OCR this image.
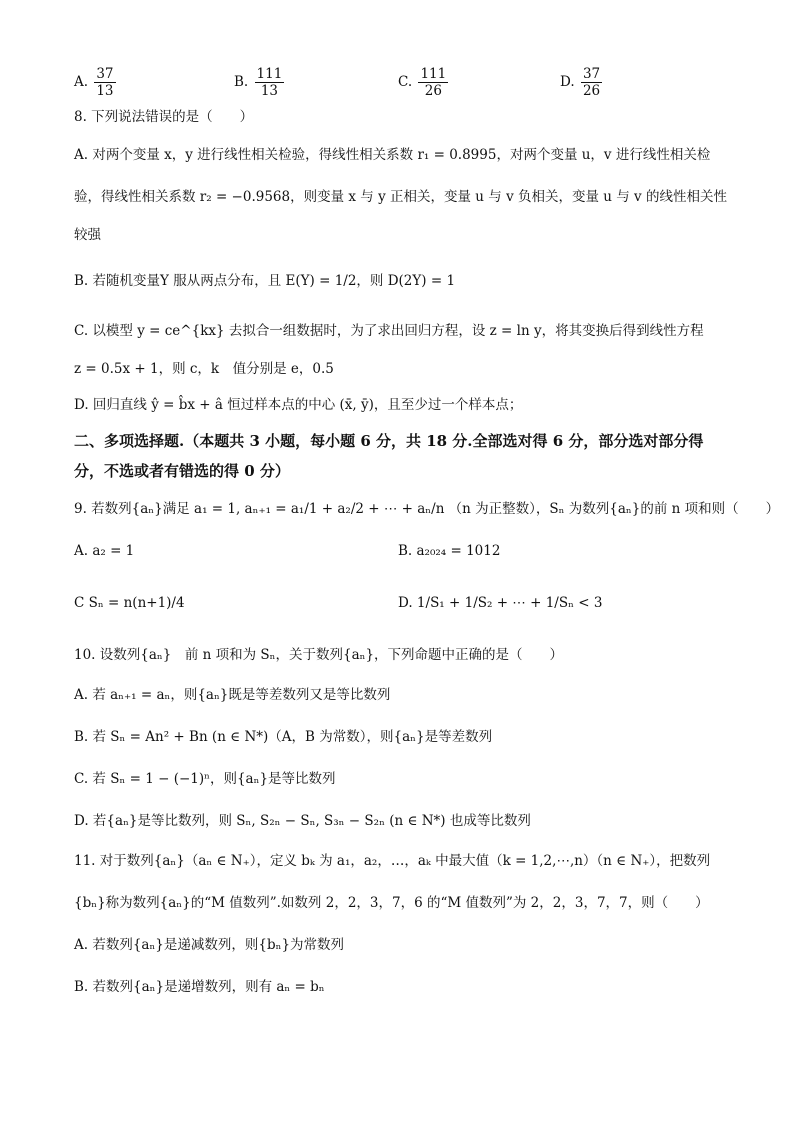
A. $\frac{37}{13}$	B. $\frac{111}{13}$	C. $\frac{111}{26}$	D. $\frac{37}{26}$
8. 下列说法错误的是（　　）
A. 对两个变量 x，y 进行线性相关检验，得线性相关系数 r₁ = 0.8995，对两个变量 u，v 进行线性相关检
验，得线性相关系数 r₂ = −0.9568，则变量 x 与 y 正相关，变量 u 与 v 负相关，变量 u 与 v 的线性相关性
较强
B. 若随机变量Y 服从两点分布，且 E(Y) = 1/2，则 D(2Y) = 1
C. 以模型 y = ce^{kx} 去拟合一组数据时，为了求出回归方程，设 z = ln y，将其变换后得到线性方程
z = 0.5x + 1，则 c，k　值分别是 e，0.5
D. 回归直线 ŷ = b̂x + â 恒过样本点的中心 (x̄, ȳ)，且至少过一个样本点；
二、多项选择题.（本题共 3 小题，每小题 6 分，共 18 分.全部选对得 6 分，部分选对部分得
分，不选或者有错选的得 0 分）
9. 若数列{aₙ}满足 a₁ = 1, aₙ₊₁ = a₁/1 + a₂/2 + ⋯ + aₙ/n （n 为正整数），Sₙ 为数列{aₙ}的前 n 项和则（　　）
A. a₂ = 1	B. a₂₀₂₄ = 1012
C Sₙ = n(n+1)/4	D. 1/S₁ + 1/S₂ + ⋯ + 1/Sₙ < 3
10. 设数列{aₙ}　前 n 项和为 Sₙ，关于数列{aₙ}，下列命题中正确的是（　　）
A. 若 aₙ₊₁ = aₙ，则{aₙ}既是等差数列又是等比数列
B. 若 Sₙ = An² + Bn (n ∈ N*)（A，B 为常数），则{aₙ}是等差数列
C. 若 Sₙ = 1 − (−1)ⁿ，则{aₙ}是等比数列
D. 若{aₙ}是等比数列，则 Sₙ, S₂ₙ − Sₙ, S₃ₙ − S₂ₙ (n ∈ N*) 也成等比数列
11. 对于数列{aₙ}（aₙ ∈ N₊），定义 bₖ 为 a₁，a₂，…，aₖ 中最大值（k = 1,2,⋯,n）（n ∈ N₊），把数列
{bₙ}称为数列{aₙ}的“M 值数列”.如数列 2，2，3，7，6 的“M 值数列”为 2，2，3，7，7，则（　　）
A. 若数列{aₙ}是递减数列，则{bₙ}为常数列
B. 若数列{aₙ}是递增数列，则有 aₙ = bₙ
